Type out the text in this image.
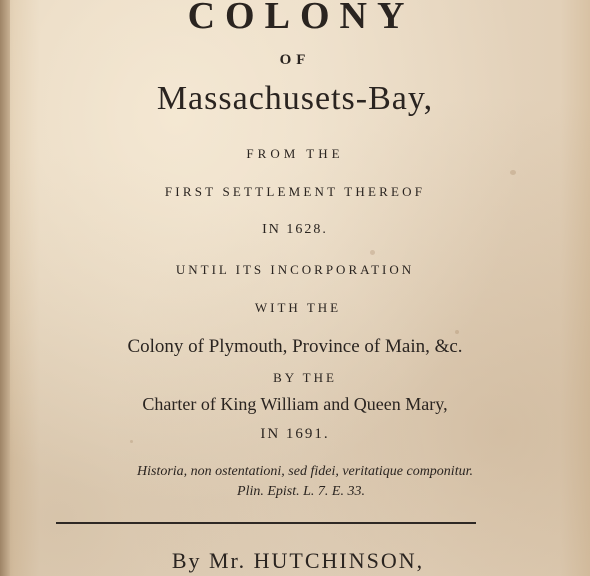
COLONY
OF
Massachusets-Bay,
FROM THE
FIRST SETTLEMENT THEREOF
IN 1628.
UNTIL ITS INCORPORATION
WITH THE
Colony of Plymouth, Province of Main, &c.
BY THE
Charter of King William and Queen Mary,
IN 1691.
Historia, non ostentationi, sed fidei, veritatique componitur.
Plin. Epist. L. 7. E. 33.
By Mr. HUTCHINSON,
